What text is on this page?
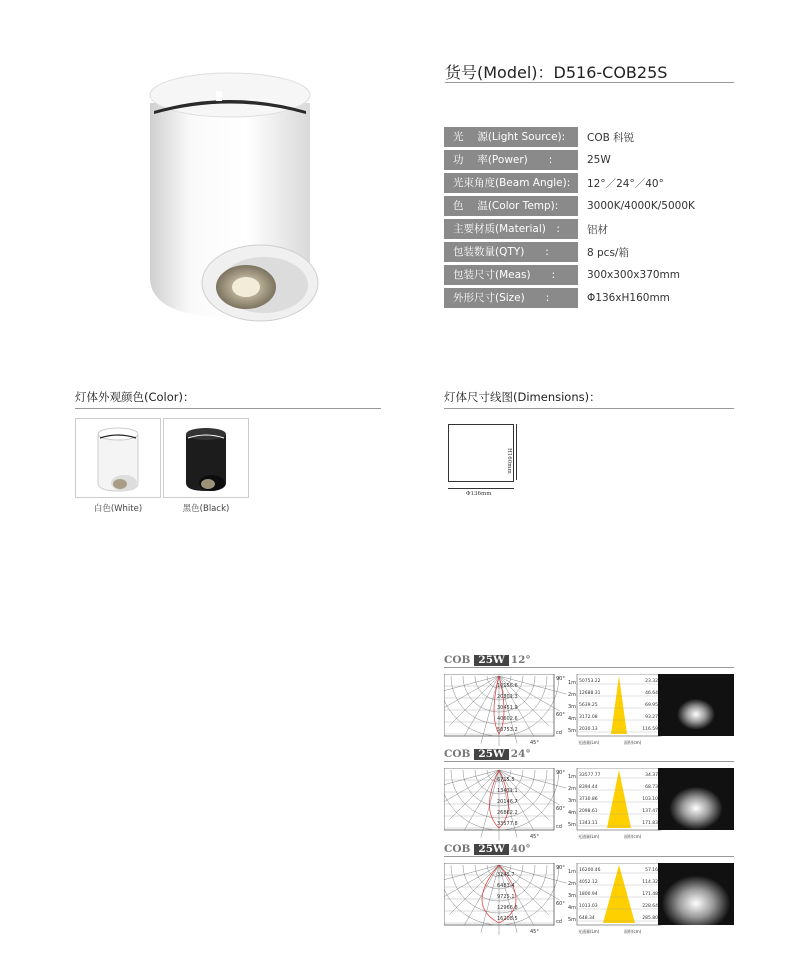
货号(Model)：D516-COB25S
光　 源(Light Source):	COB 科锐
功　 率(Power)　　:	25W
光束角度(Beam Angle):	12°／24°／40°
色　 温(Color Temp):	3000K/4000K/5000K
主要材质(Material)　:	铝材
包装数量(QTY)　　:	8 pcs/箱
包装尺寸(Meas)　　:	300x300x370mm
外形尺寸(Size)　　:	Φ136xH160mm
灯体外观颜色(Color)：
白色(White)	黑色(Black)
灯体尺寸线图(Dimensions)：
H160mm
Φ136mm
COB 25W 12°
10156.6
20301.3
30451.9
40602.6
50753.2
90°
60°
cd
45°
1m 50753.22	23.32
2m 12688.31	46.64
3m 5639.25	69.95
4m 3172.08	93.27
5m 2030.13	116.59
光通量(Lm)	面积(cm)
COB 25W 24°
6715.5
13431.1
20146.7
26862.2
33577.8
90°
60°
cd
45°
1m 33577.77	34.37
2m 8394.44	68.73
3m 3730.86	103.10
4m 2098.61	137.47
5m 1343.11	171.83
光通量(Lm)	面积(cm)
COB 25W 40°
3241.7
6483.4
9725.1
12966.8
16208.5
90°
60°
cd
45°
1m 16200.46	57.16
2m 4052.12	114.32
3m 1800.94	171.48
4m 1013.03	228.64
5m 648.34	285.80
光通量(Lm)	面积(cm)
